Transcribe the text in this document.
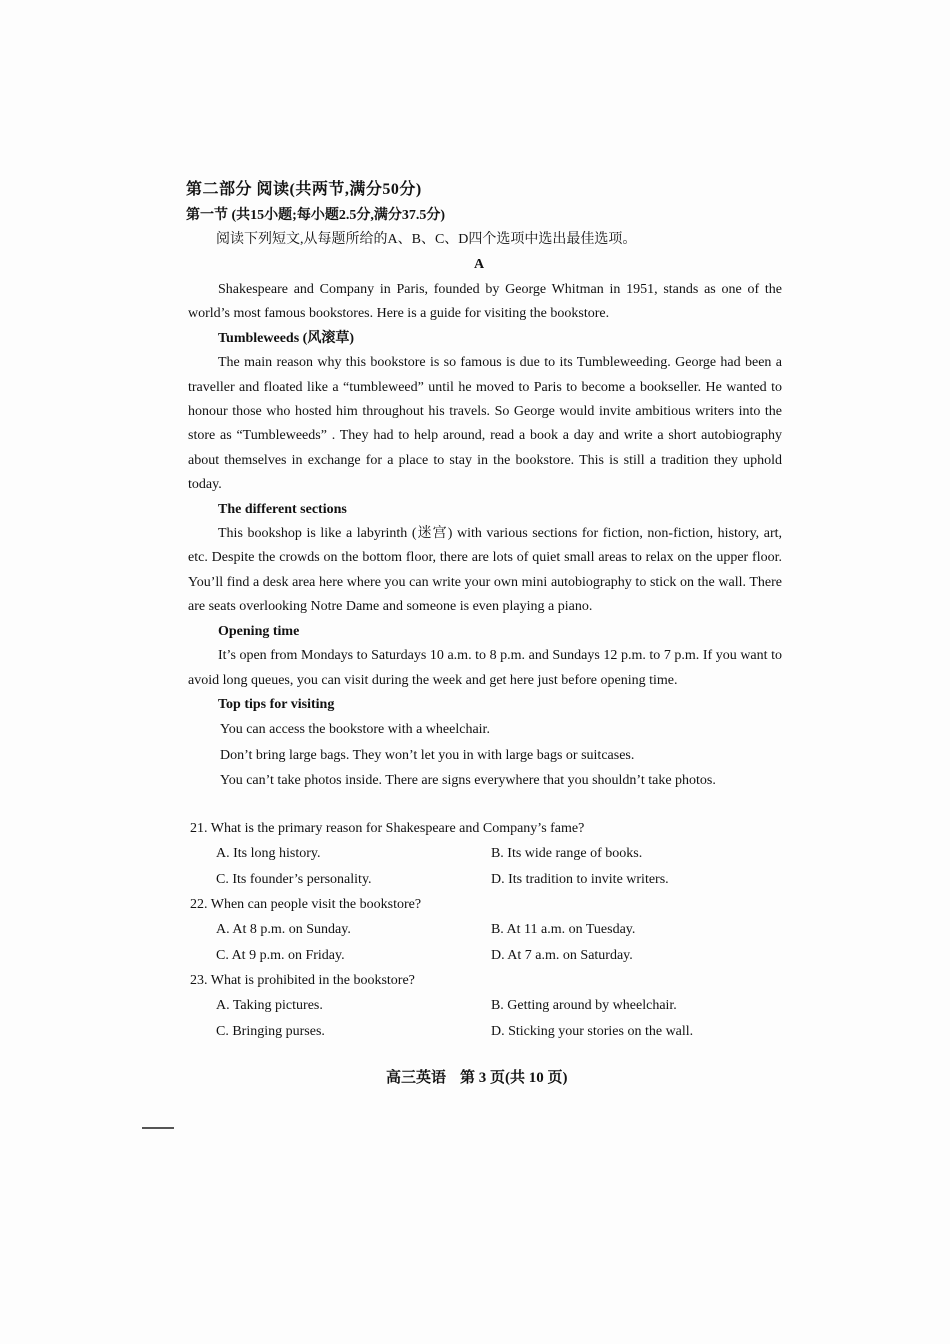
第二部分 阅读(共两节,满分50分)
第一节 (共15小题;每小题2.5分,满分37.5分)
阅读下列短文,从每题所给的A、B、C、D四个选项中选出最佳选项。
A

Shakespeare and Company in Paris, founded by George Whitman in 1951, stands as one of the world’s most famous bookstores. Here is a guide for visiting the bookstore.

Tumbleweeds (风滚草)

The main reason why this bookstore is so famous is due to its Tumbleweeding. George had been a traveller and floated like a “tumbleweed” until he moved to Paris to become a bookseller. He wanted to honour those who hosted him throughout his travels. So George would invite ambitious writers into the store as “Tumbleweeds” . They had to help around, read a book a day and write a short autobiography about themselves in exchange for a place to stay in the bookstore. This is still a tradition they uphold today.

The different sections

This bookshop is like a labyrinth (迷宫) with various sections for fiction, non-fiction, history, art, etc. Despite the crowds on the bottom floor, there are lots of quiet small areas to relax on the upper floor. You’ll find a desk area here where you can write your own mini autobiography to stick on the wall. There are seats overlooking Notre Dame and someone is even playing a piano.

Opening time

It’s open from Mondays to Saturdays 10 a.m. to 8 p.m. and Sundays 12 p.m. to 7 p.m. If you want to avoid long queues, you can visit during the week and get here just before opening time.

Top tips for visiting
You can access the bookstore with a wheelchair.
Don’t bring large bags. They won’t let you in with large bags or suitcases.
You can’t take photos inside. There are signs everywhere that you shouldn’t take photos.
21. What is the primary reason for Shakespeare and Company’s fame?
A. Its long history.	B. Its wide range of books.
C. Its founder’s personality.	D. Its tradition to invite writers.
22. When can people visit the bookstore?
A. At 8 p.m. on Sunday.	B. At 11 a.m. on Tuesday.
C. At 9 p.m. on Friday.	D. At 7 a.m. on Saturday.
23. What is prohibited in the bookstore?
A. Taking pictures.	B. Getting around by wheelchair.
C. Bringing purses.	D. Sticking your stories on the wall.
高三英语 第 3 页(共 10 页)
